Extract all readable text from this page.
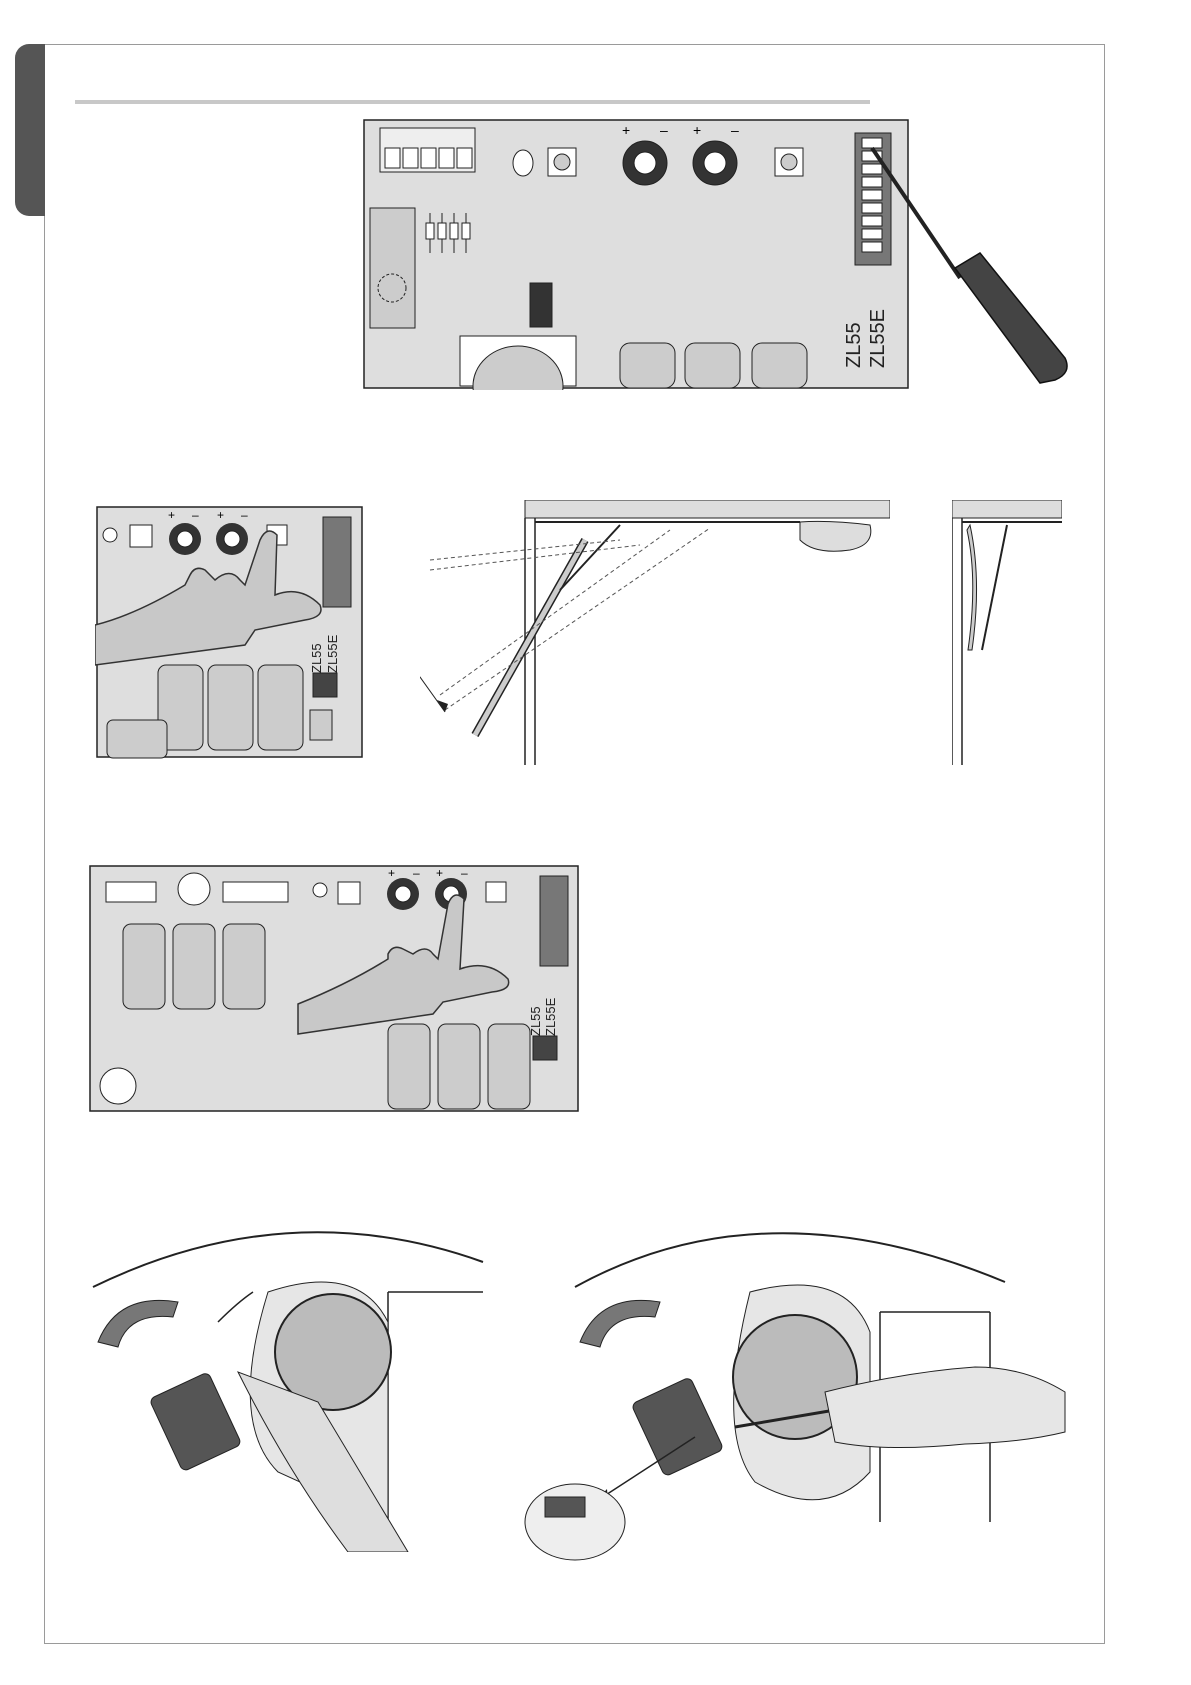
+ – + –
ZL55 ZL55E
+ – + –
ZL55 ZL55E
+ – + –
ZL55 ZL55E
